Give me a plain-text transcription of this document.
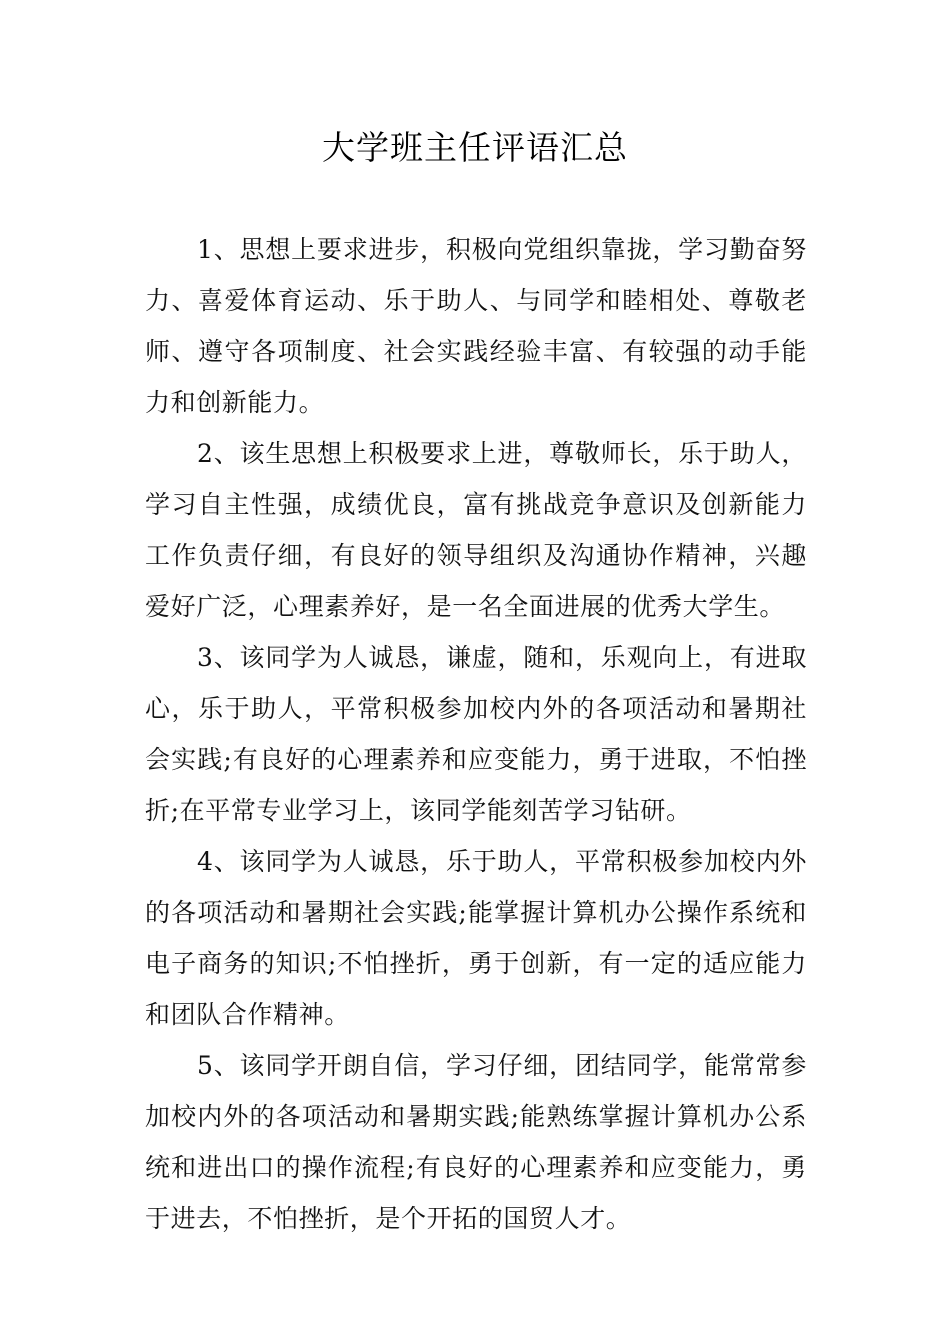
大学班主任评语汇总

1、思想上要求进步，积极向党组织靠拢，学习勤奋努力、喜爱体育运动、乐于助人、与同学和睦相处、尊敬老师、遵守各项制度、社会实践经验丰富、有较强的动手能力和创新能力。

2、该生思想上积极要求上进，尊敬师长，乐于助人，学习自主性强，成绩优良，富有挑战竞争意识及创新能力工作负责仔细，有良好的领导组织及沟通协作精神，兴趣爱好广泛，心理素养好，是一名全面进展的优秀大学生。

3、该同学为人诚恳，谦虚，随和，乐观向上，有进取心，乐于助人，平常积极参加校内外的各项活动和暑期社会实践;有良好的心理素养和应变能力，勇于进取，不怕挫折;在平常专业学习上，该同学能刻苦学习钻研。

4、该同学为人诚恳，乐于助人，平常积极参加校内外的各项活动和暑期社会实践;能掌握计算机办公操作系统和电子商务的知识;不怕挫折，勇于创新，有一定的适应能力和团队合作精神。

5、该同学开朗自信，学习仔细，团结同学，能常常参加校内外的各项活动和暑期实践;能熟练掌握计算机办公系统和进出口的操作流程;有良好的心理素养和应变能力，勇于进去，不怕挫折，是个开拓的国贸人才。
